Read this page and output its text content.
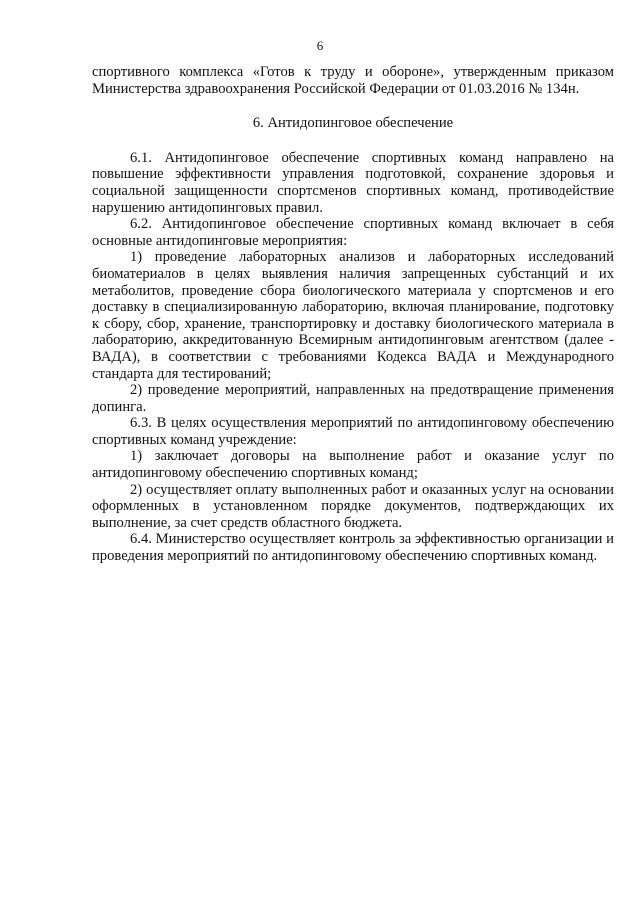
6

спортивного комплекса «Готов к труду и обороне», утвержденным приказом Министерства здравоохранения Российской Федерации от 01.03.2016 № 134н.

6. Антидопинговое обеспечение

6.1. Антидопинговое обеспечение спортивных команд направлено на повышение эффективности управления подготовкой, сохранение здоровья и социальной защищенности спортсменов спортивных команд, противодействие нарушению антидопинговых правил.

6.2. Антидопинговое обеспечение спортивных команд включает в себя основные антидопинговые мероприятия:

1) проведение лабораторных анализов и лабораторных исследований биоматериалов в целях выявления наличия запрещенных субстанций и их метаболитов, проведение сбора биологического материала у спортсменов и его доставку в специализированную лабораторию, включая планирование, подготовку к сбору, сбор, хранение, транспортировку и доставку биологического материала в лабораторию, аккредитованную Всемирным антидопинговым агентством (далее - ВАДА), в соответствии с требованиями Кодекса ВАДА и Международного стандарта для тестирований;

2) проведение мероприятий, направленных на предотвращение применения допинга.

6.3. В целях осуществления мероприятий по антидопинговому обеспечению спортивных команд учреждение:

1) заключает договоры на выполнение работ и оказание услуг по антидопинговому обеспечению спортивных команд;

2) осуществляет оплату выполненных работ и оказанных услуг на основании оформленных в установленном порядке документов, подтверждающих их выполнение, за счет средств областного бюджета.

6.4. Министерство осуществляет контроль за эффективностью организации и проведения мероприятий по антидопинговому обеспечению спортивных команд.
